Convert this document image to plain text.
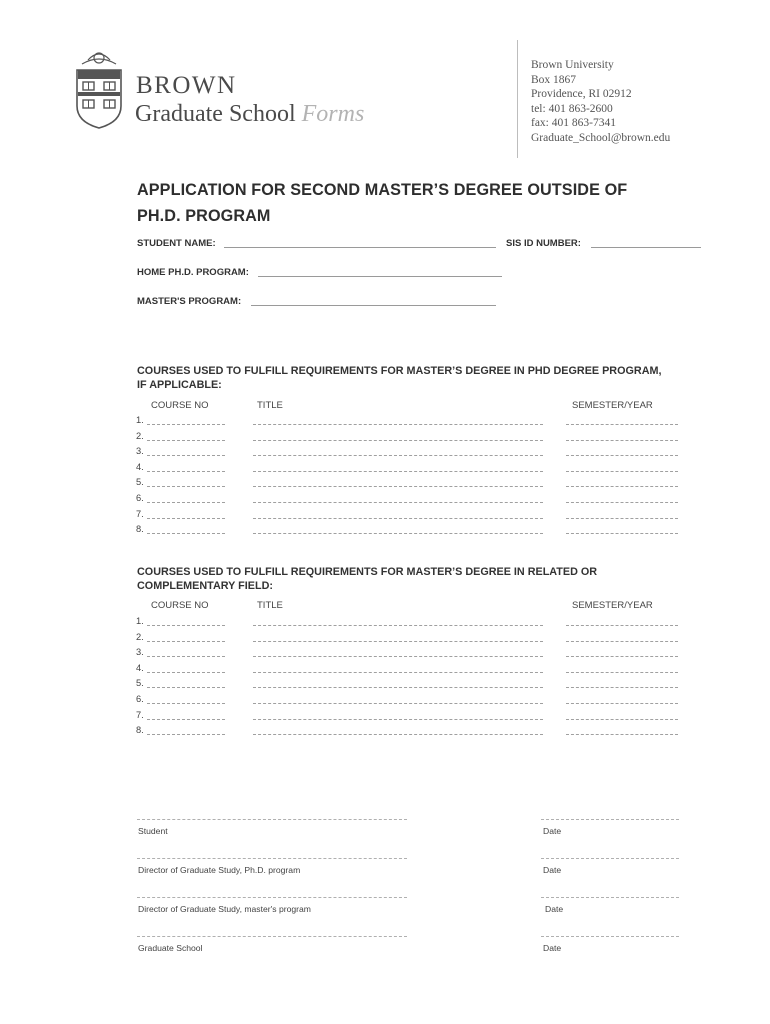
BROWN
Graduate School Forms
Brown University
Box 1867
Providence, RI 02912
tel: 401 863-2600
fax: 401 863-7341
Graduate_School@brown.edu
APPLICATION FOR SECOND MASTER’S DEGREE OUTSIDE OF
PH.D. PROGRAM
STUDENT NAME:	SIS ID NUMBER:
HOME PH.D. PROGRAM:
MASTER'S PROGRAM:
COURSES USED TO FULFILL REQUIREMENTS FOR MASTER’S DEGREE IN PHD DEGREE PROGRAM,
IF APPLICABLE:
COURSE NO	TITLE	SEMESTER/YEAR
1.
2.
3.
4.
5.
6.
7.
8.
COURSES USED TO FULFILL REQUIREMENTS FOR MASTER’S DEGREE IN RELATED OR
COMPLEMENTARY FIELD:
COURSE NO	TITLE	SEMESTER/YEAR
1.
2.
3.
4.
5.
6.
7.
8.
Student	Date
Director of Graduate Study, Ph.D. program	Date
Director of Graduate Study, master's program	Date
Graduate School	Date
